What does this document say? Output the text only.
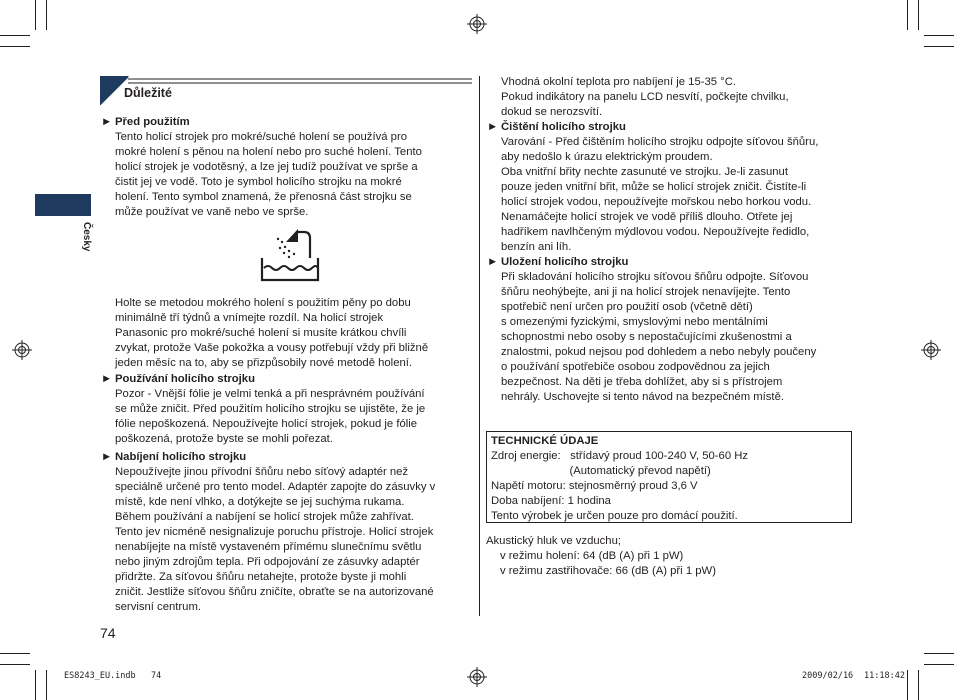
Česky
Důležité
► Před použitím
Tento holicí strojek pro mokré/suché holení se používá pro
mokré holení s pěnou na holení nebo pro suché holení. Tento
holicí strojek je vodotěsný, a lze jej tudíž používat ve sprše a
čistit jej ve vodě. Toto je symbol holicího strojku na mokré
holení. Tento symbol znamená, že přenosná část strojku se
může používat ve vaně nebo ve sprše.
Holte se metodou mokrého holení s použitím pěny po dobu
minimálně tří týdnů a vnímejte rozdíl. Na holicí strojek
Panasonic pro mokré/suché holení si musíte krátkou chvíli
zvykat, protože Vaše pokožka a vousy potřebují vždy při bližně
jeden měsíc na to, aby se přizpůsobily nové metodě holení.
► Používání holicího strojku
Pozor - Vnější fólie je velmi tenká a při nesprávném používání
se může zničit. Před použitím holicího strojku se ujistěte, že je
fólie nepoškozená. Nepoužívejte holicí strojek, pokud je fólie
poškozená, protože byste se mohli pořezat.
► Nabíjení holicího strojku
Nepoužívejte jinou přívodní šňůru nebo síťový adaptér než
speciálně určené pro tento model. Adaptér zapojte do zásuvky v
místě, kde není vlhko, a dotýkejte se jej suchýma rukama.
Během používání a nabíjení se holicí strojek může zahřívat.
Tento jev nicméně nesignalizuje poruchu přístroje. Holicí strojek
nenabíjejte na místě vystaveném přímému slunečnímu světlu
nebo jiným zdrojům tepla. Při odpojování ze zásuvky adaptér
přidržte. Za síťovou šňůru netahejte, protože byste ji mohli
zničit. Jestliže síťovou šňůru zničíte, obraťte se na autorizované
servisní centrum.
Vhodná okolní teplota pro nabíjení je 15-35 °C.
Pokud indikátory na panelu LCD nesvítí, počkejte chvilku,
dokud se nerozsvítí.
► Čištění holicího strojku
Varování - Před čištěním holicího strojku odpojte síťovou šňůru,
aby nedošlo k úrazu elektrickým proudem.
Oba vnitřní břity nechte zasunuté ve strojku. Je-li zasunut
pouze jeden vnitřní břit, může se holicí strojek zničit. Čistíte-li
holicí strojek vodou, nepoužívejte mořskou nebo horkou vodu.
Nenamáčejte holicí strojek ve vodě příliš dlouho. Otřete jej
hadříkem navlhčeným mýdlovou vodou. Nepoužívejte ředidlo,
benzín ani líh.
► Uložení holicího strojku
Při skladování holicího strojku síťovou šňůru odpojte. Síťovou
šňůru neohýbejte, ani ji na holicí strojek nenavíjejte. Tento
spotřebič není určen pro použití osob (včetně dětí)
s omezenými fyzickými, smyslovými nebo mentálními
schopnostmi nebo osoby s nepostačujícími zkušenostmi a
znalostmi, pokud nejsou pod dohledem a nebo nebyly poučeny
o používání spotřebiče osobou zodpovědnou za jejich
bezpečnost. Na děti je třeba dohlížet, aby si s přístrojem
nehrály. Uschovejte si tento návod na bezpečném místě.
TECHNICKÉ ÚDAJE
Zdroj energie:   střídavý proud 100-240 V, 50-60 Hz
(Automatický převod napětí)
Napětí motoru: stejnosměrný proud 3,6 V
Doba nabíjení: 1 hodina
Tento výrobek je určen pouze pro domácí použití.
Akustický hluk ve vzduchu;
v režimu holení: 64 (dB (A) při 1 pW)
v režimu zastřihovače: 66 (dB (A) při 1 pW)
74
ES8243_EU.indb   74	2009/02/16 11:18:42
